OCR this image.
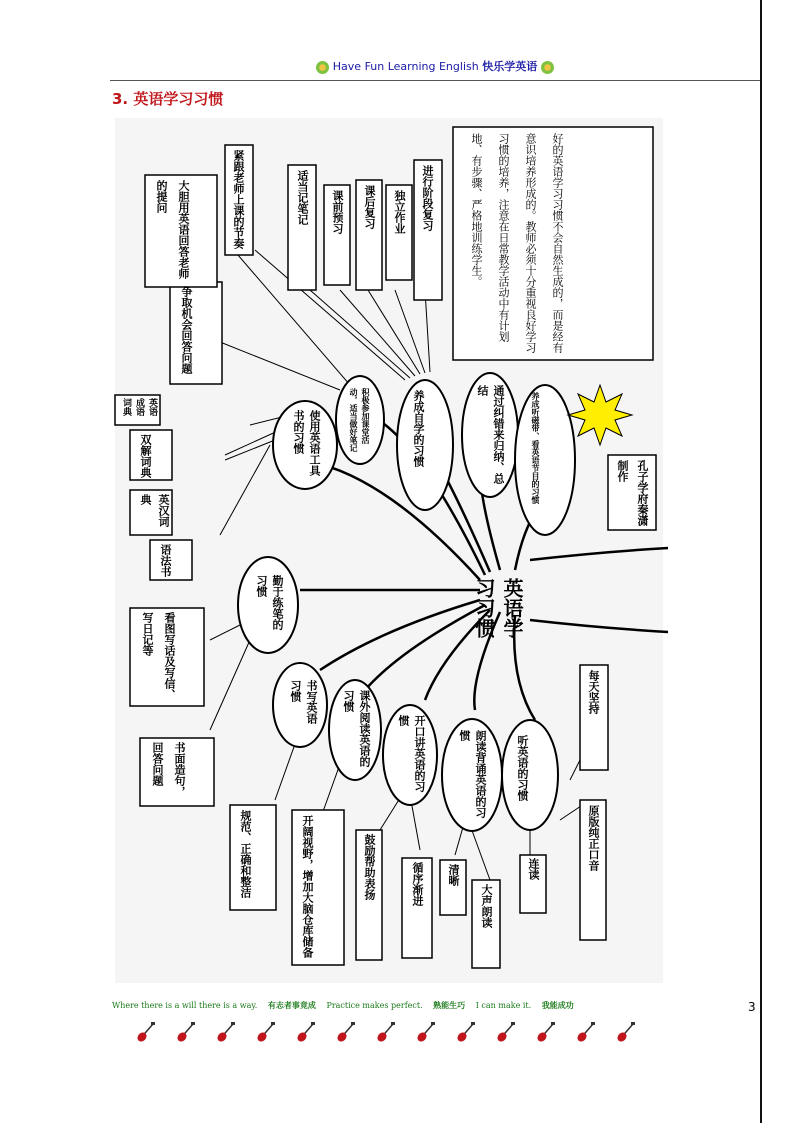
Have Fun Learning English 快乐学英语
3. 英语学习习惯
好的英语学习习惯不会自然生成的，而是经有意识培养形成的。教师必须十分重视良好学习习惯的培养，注意在日常教学活动中有计划地、有步骤、严格地训练学生。
孔子学府秦潇制作
英语学习习惯
勤于练笔的习惯
书写英语习惯	课外阅读英语的习惯
开口讲英语的习惯
朗读背诵英语的习惯	听英语的习惯
使用英语工具书的习惯	积极参加课堂活动，适当做好笔记	养成自学的习惯	通过纠错来归纳、总结
养成听磁带、看英语节目的习惯
看图写话及写信、写日记等
书面造句，回答问题
规范、正确和整洁	开阔视野，增加大脑仓库储备	鼓励帮助表扬	循序渐进 清晰
大声朗读
连读	原版纯正口音
每天坚持
语法书
英汉词典
双解词典
英语成语词典
争取机会回答问题
大胆用英语回答老师的提问	紧跟老师上课的节奏	适当记笔记 课前预习 课后复习 独立作业 进行阶段复习
3
Where there is a will there is a way. 有志者事竟成 Practice makes perfect. 熟能生巧 I can make it. 我能成功
